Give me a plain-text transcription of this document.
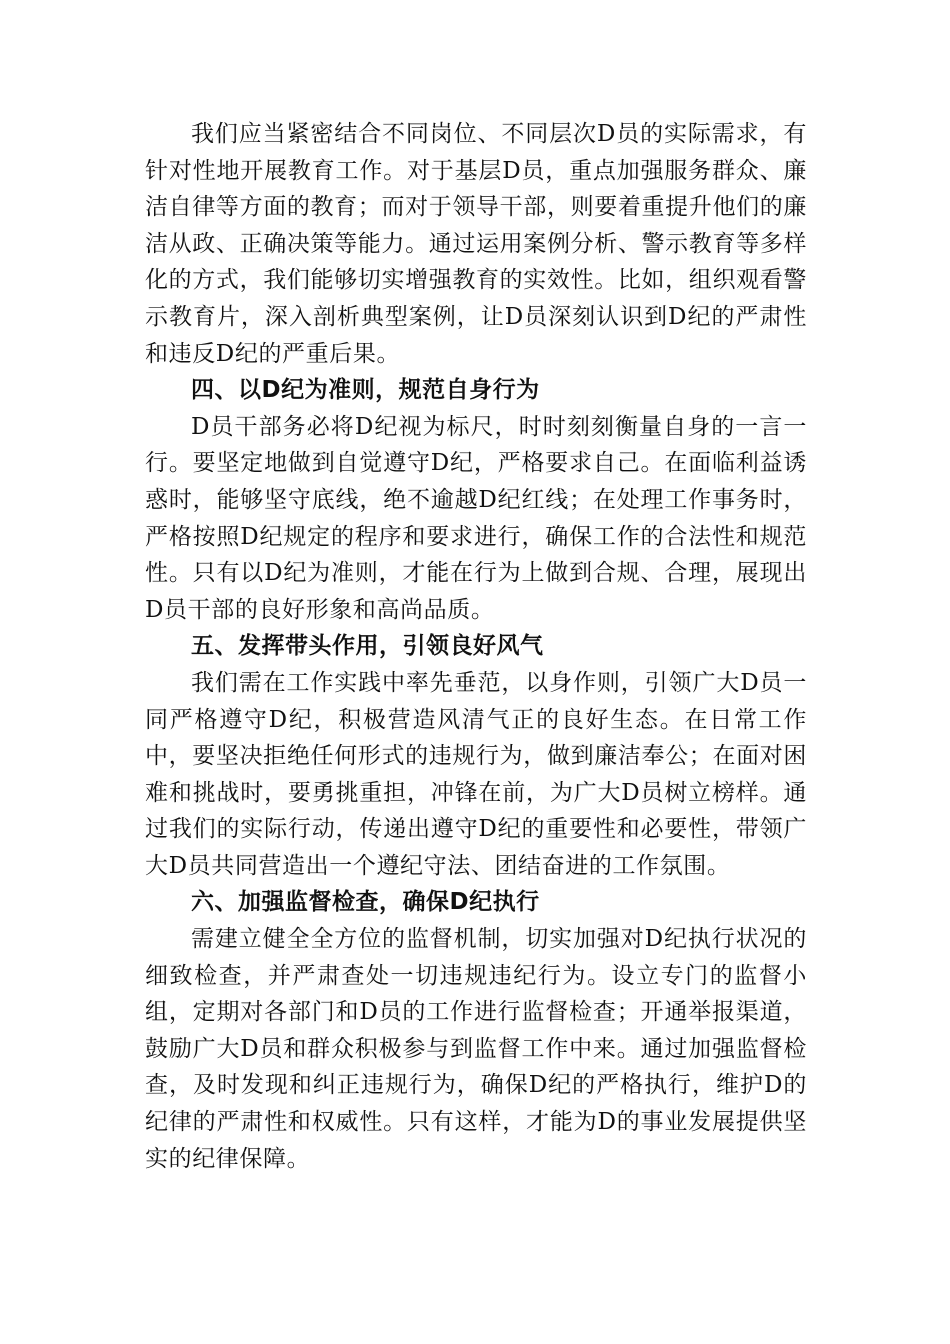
我们应当紧密结合不同岗位、不同层次D员的实际需求，有针对性地开展教育工作。对于基层D员，重点加强服务群众、廉洁自律等方面的教育；而对于领导干部，则要着重提升他们的廉洁从政、正确决策等能力。通过运用案例分析、警示教育等多样化的方式，我们能够切实增强教育的实效性。比如，组织观看警示教育片，深入剖析典型案例，让D员深刻认识到D纪的严肃性和违反D纪的严重后果。

四、以D纪为准则，规范自身行为

D员干部务必将D纪视为标尺，时时刻刻衡量自身的一言一行。要坚定地做到自觉遵守D纪，严格要求自己。在面临利益诱惑时，能够坚守底线，绝不逾越D纪红线；在处理工作事务时，严格按照D纪规定的程序和要求进行，确保工作的合法性和规范性。只有以D纪为准则，才能在行为上做到合规、合理，展现出D员干部的良好形象和高尚品质。

五、发挥带头作用，引领良好风气

我们需在工作实践中率先垂范，以身作则，引领广大D员一同严格遵守D纪，积极营造风清气正的良好生态。在日常工作中，要坚决拒绝任何形式的违规行为，做到廉洁奉公；在面对困难和挑战时，要勇挑重担，冲锋在前，为广大D员树立榜样。通过我们的实际行动，传递出遵守D纪的重要性和必要性，带领广大D员共同营造出一个遵纪守法、团结奋进的工作氛围。

六、加强监督检查，确保D纪执行

需建立健全全方位的监督机制，切实加强对D纪执行状况的细致检查，并严肃查处一切违规违纪行为。设立专门的监督小组，定期对各部门和D员的工作进行监督检查；开通举报渠道，鼓励广大D员和群众积极参与到监督工作中来。通过加强监督检查，及时发现和纠正违规行为，确保D纪的严格执行，维护D的纪律的严肃性和权威性。只有这样，才能为D的事业发展提供坚实的纪律保障。
